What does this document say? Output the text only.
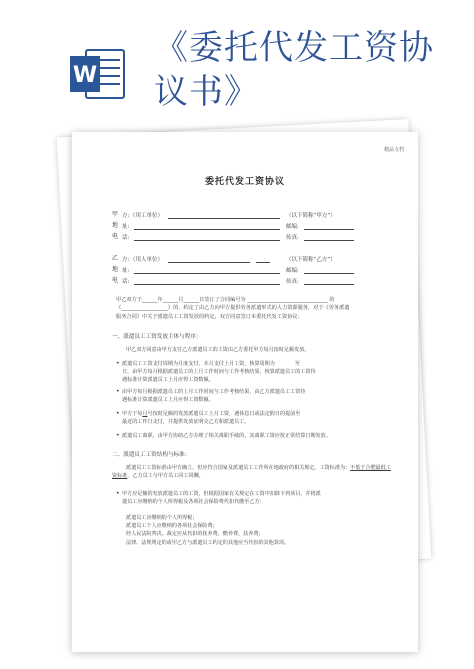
W
《委托代发工资协
议书》
精品文档
委托代发工资协议
甲
地
电
方: （用工单位）	（以下简称“甲方”）
址:	邮编:
话:	传真:
乙
地
电
方: （用人单位）	（以下简称“乙方”）
址:	邮编:
话:	传真:
甲乙双方于______年______月______日签订了合同编号为 _______________________________ 的
《__________________》的，约定了由乙方向甲方提供劳务派遣形式的人力资源服务，对于《劳务派遣
服务合同》中关于派遣员工工资发放的约定，双方同意签订本委托代发工资协议：
一、派遣员工工资发放主体与程序：
甲乙双方同意由甲方支付乙方派遣员工的工资由乙方委托甲方每月按时足额发放。
• 派遣员工工资支付周期为月度支付，本月支付上月工资，核算周期为	至
日，由甲方每月根据派遣员工的上月工作时间与工作考核结果，核算派遣员工的工资待
遇标准计算派遣员工上月应得工资数额。
• 由甲方每月根据派遣员工的上月工作时间与工作考核结果，由乙方派遣员工工资待
遇标准计算派遣员工上月应得工资数额。
• 甲方于每月号按时足额的发放派遣员工上月工资，遇休息日或法定假日的提前至
最近的工作日支付，并提供发放证明交乙方和派遣员工。
• 派遣员工离职，由甲方协助乙方办理了相关离职手续的，其离职工资应按正常结算日期发放。
二、派遣员工工资结构与标准：
派遣员工工资标准由甲方确立，但应符合国家及派遣员工工作所在地政府的相关规定，工资标准为：不低于合肥最低工资标准，乙方员工与甲方员工同工同酬。
• 甲方应足额的发放派遣员工的工资，但根据国家有关规定在工资中扣除下列项目，并将派
遣员工应缴纳的个人所得税及各项社会保险费代扣代缴至乙方：
派遣员工应缴纳的个人所得税；
派遣员工个人应缴纳的各项社会保险费；
经人民法院判决、裁定应从代扣的抚养费，赡养费，扶养费；
法律、法规规定的或甲乙方与派遣员工约定的其他应当代扣的其他款项。
